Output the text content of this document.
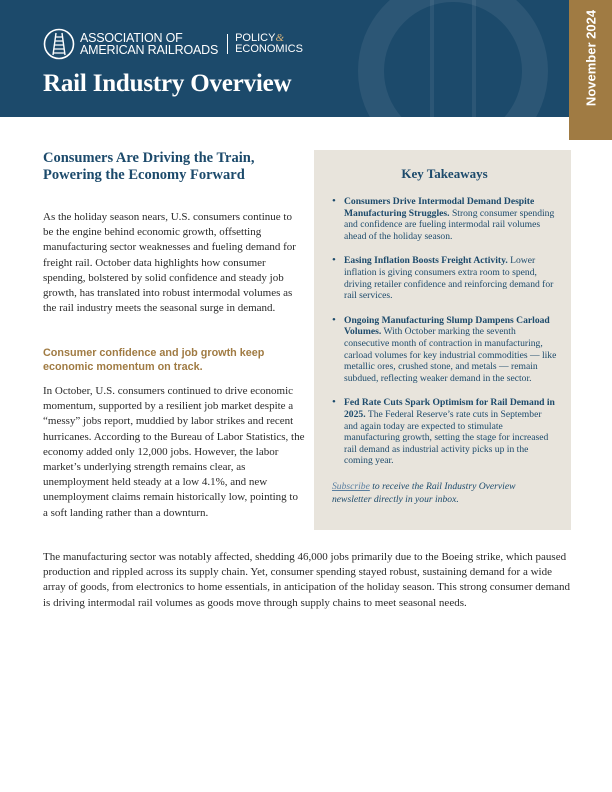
ASSOCIATION OF
AMERICAN RAILROADS
POLICY&
ECONOMICS
Rail Industry Overview	November 2024
Consumers Are Driving the Train, Powering the Economy Forward

As the holiday season nears, U.S. consumers continue to be the engine behind economic growth, offsetting manufacturing sector weaknesses and fueling demand for freight rail. October data highlights how consumer spending, bolstered by solid confidence and steady job growth, has translated into robust intermodal volumes as the rail industry meets the seasonal surge in demand.

Consumer confidence and job growth keep economic momentum on track.

In October, U.S. consumers continued to drive economic momentum, supported by a resilient job market despite a “messy” jobs report, muddied by labor strikes and recent hurricanes. According to the Bureau of Labor Statistics, the economy added only 12,000 jobs. However, the labor market’s underlying strength remains clear, as unemployment held steady at a low 4.1%, and new unemployment claims remain historically low, pointing to a soft landing rather than a downturn.

The manufacturing sector was notably affected, shedding 46,000 jobs primarily due to the Boeing strike, which paused production and rippled across its supply chain. Yet, consumer spending stayed robust, sustaining demand for a wide array of goods, from electronics to home essentials, in anticipation of the holiday season. This strong consumer demand is driving intermodal rail volumes as goods move through supply chains to meet seasonal needs.

Key Takeaways
• Consumers Drive Intermodal Demand Despite Manufacturing Struggles. Strong consumer spending and confidence are fueling intermodal rail volumes ahead of the holiday season.
• Easing Inflation Boosts Freight Activity. Lower inflation is giving consumers extra room to spend, driving retailer confidence and reinforcing demand for rail services.
• Ongoing Manufacturing Slump Dampens Carload Volumes. With October marking the seventh consecutive month of contraction in manufacturing, carload volumes for key industrial commodities — like metallic ores, crushed stone, and metals — remain subdued, reflecting weaker demand in the sector.
• Fed Rate Cuts Spark Optimism for Rail Demand in 2025. The Federal Reserve’s rate cuts in September and again today are expected to stimulate manufacturing growth, setting the stage for increased rail demand as industrial activity picks up in the coming year.

Subscribe to receive the Rail Industry Overview newsletter directly in your inbox.
